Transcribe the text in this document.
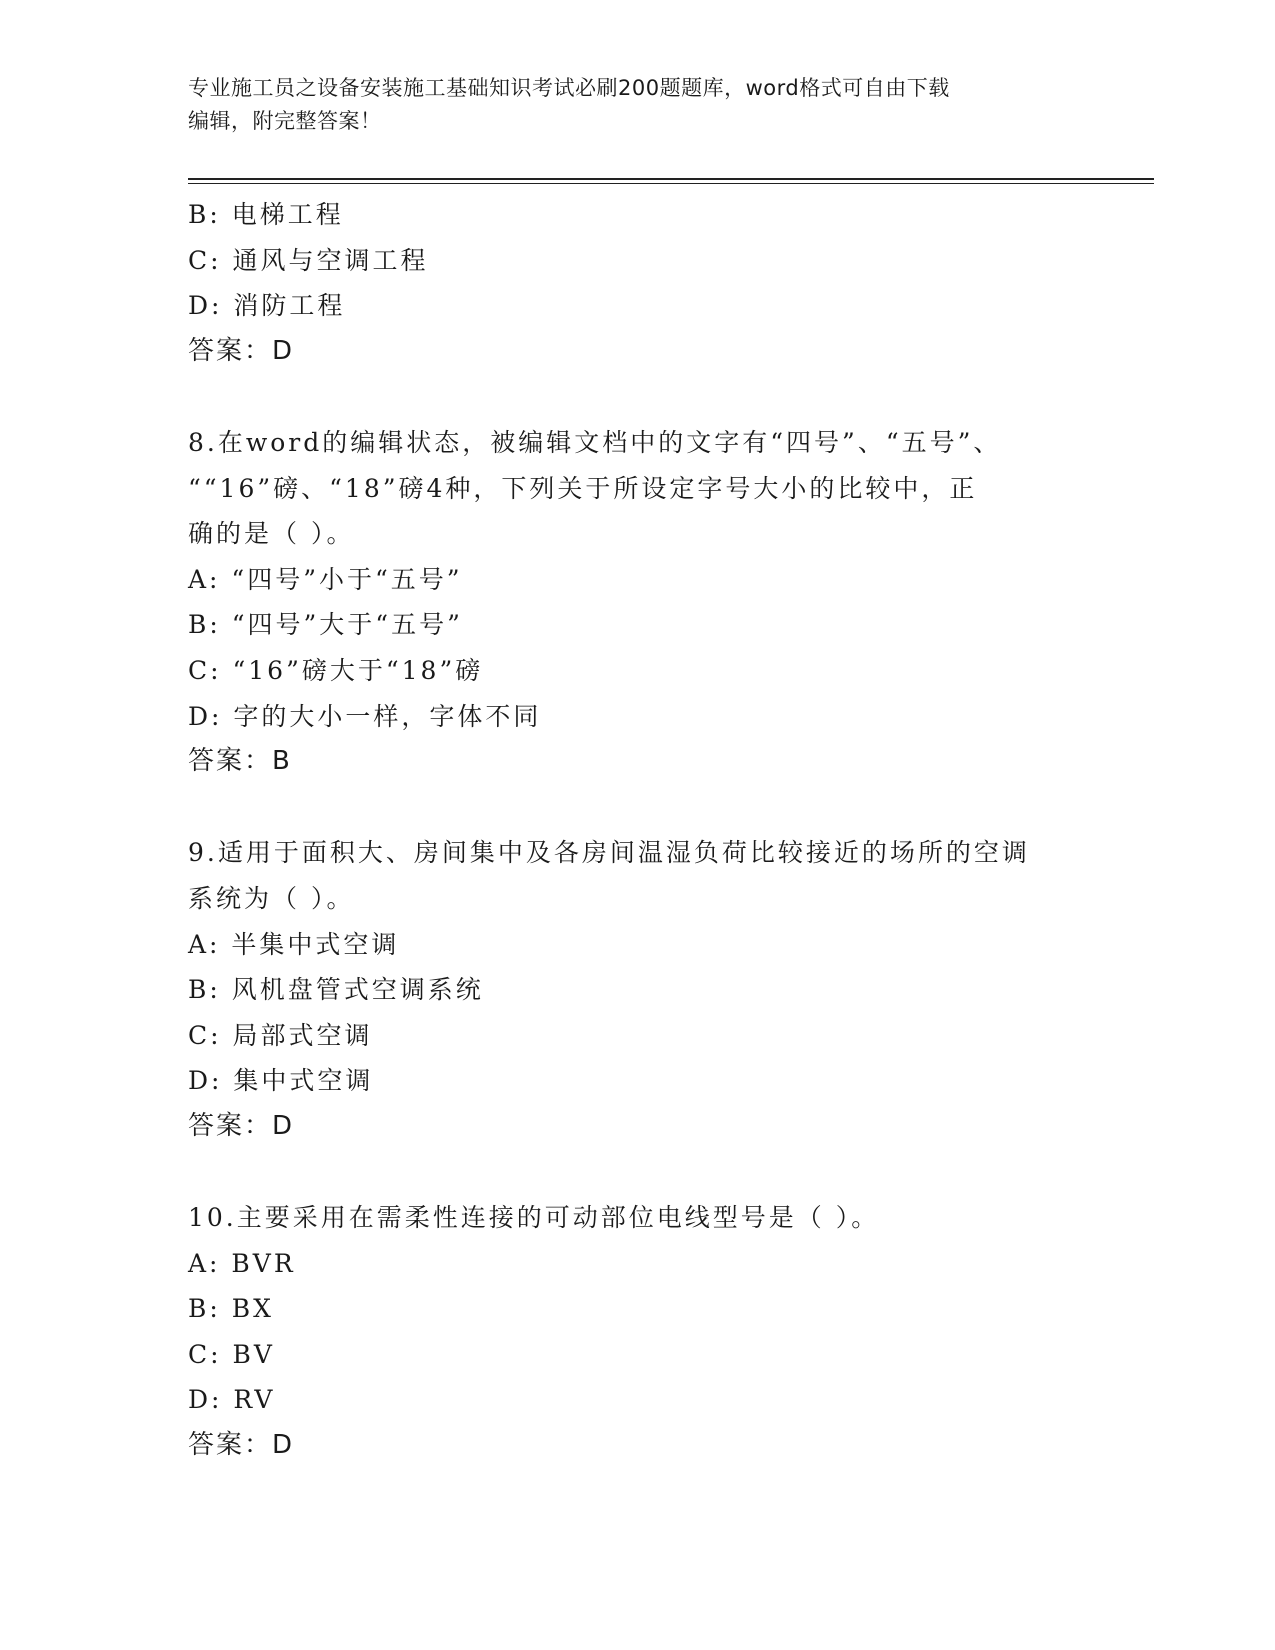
专业施工员之设备安装施工基础知识考试必刷200题题库，word格式可自由下载
编辑，附完整答案！
B: 电梯工程
C: 通风与空调工程
D: 消防工程
答案：D
8.在word的编辑状态，被编辑文档中的文字有“四号”、“五号”、
““16”磅、“18”磅4种，下列关于所设定字号大小的比较中，正
确的是（ ）。
A: “四号”小于“五号”
B: “四号”大于“五号”
C: “16”磅大于“18”磅
D: 字的大小一样，字体不同
答案：B
9.适用于面积大、房间集中及各房间温湿负荷比较接近的场所的空调
系统为（ ）。
A: 半集中式空调
B: 风机盘管式空调系统
C: 局部式空调
D: 集中式空调
答案：D
10.主要采用在需柔性连接的可动部位电线型号是（ ）。
A: BVR
B: BX
C: BV
D: RV
答案：D
